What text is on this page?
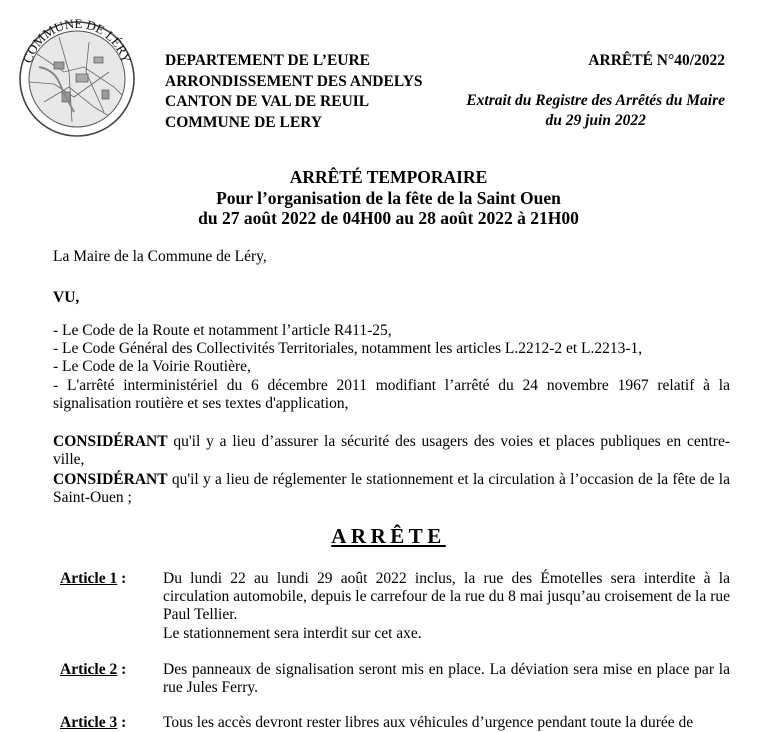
COMMUNE DE LÉRY DEPARTEMENT DE L’EURE
ARRONDISSEMENT DES ANDELYS
CANTON DE VAL DE REUIL
COMMUNE DE LERY
ARRÊTÉ N°40/2022
Extrait du Registre des Arrêtés du Maire
du 29 juin 2022
ARRÊTÉ TEMPORAIRE
Pour l’organisation de la fête de la Saint Ouen
du 27 août 2022 de 04H00 au 28 août 2022 à 21H00
La Maire de la Commune de Léry,
VU,
- Le Code de la Route et notamment l’article R411-25,
- Le Code Général des Collectivités Territoriales, notamment les articles L.2212-2 et L.2213-1,
- Le Code de la Voirie Routière,
- L'arrêté interministériel du 6 décembre 2011 modifiant l’arrêté du 24 novembre 1967 relatif à la signalisation routière et ses textes d'application,
CONSIDÉRANT qu'il y a lieu d’assurer la sécurité des usagers des voies et places publiques en centre-ville,
CONSIDÉRANT qu'il y a lieu de réglementer le stationnement et la circulation à l’occasion de la fête de la Saint-Ouen ;
ARRÊTE
Article 1 :	Du lundi 22 au lundi 29 août 2022 inclus, la rue des Émotelles sera interdite à la circulation automobile, depuis le carrefour de la rue du 8 mai jusqu’au croisement de la rue Paul Tellier.
Le stationnement sera interdit sur cet axe.
Article 2 :	Des panneaux de signalisation seront mis en place. La déviation sera mise en place par la rue Jules Ferry.
Article 3 :	Tous les accès devront rester libres aux véhicules d’urgence pendant toute la durée de
